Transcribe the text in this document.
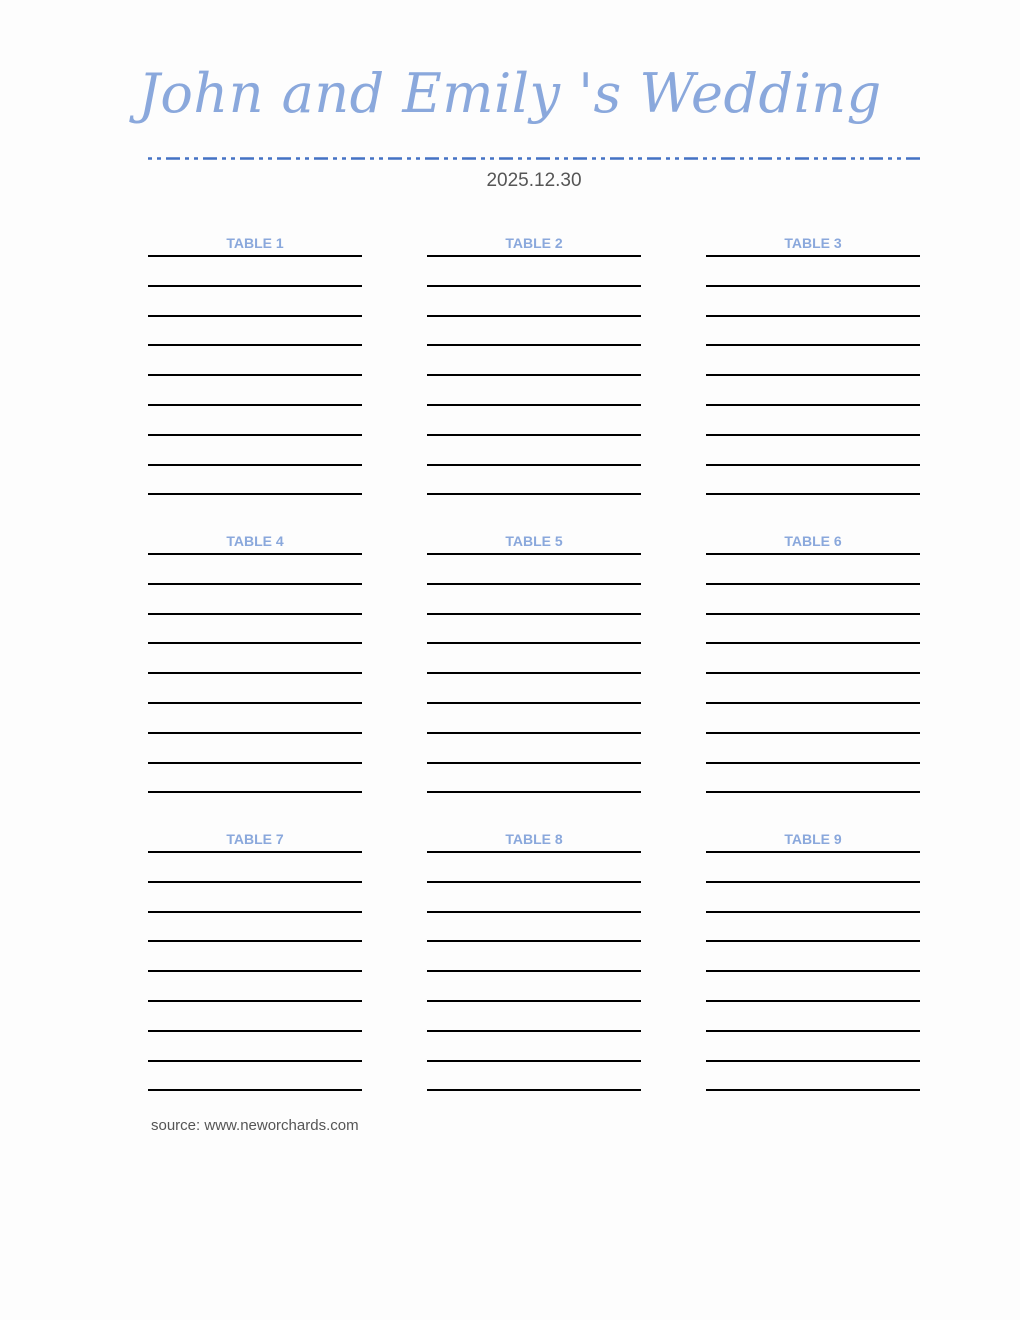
John and Emily 's Wedding
2025.12.30
TABLE 1	TABLE 2	TABLE 3
TABLE 4	TABLE 5	TABLE 6
TABLE 7	TABLE 8	TABLE 9
source: www.neworchards.com
